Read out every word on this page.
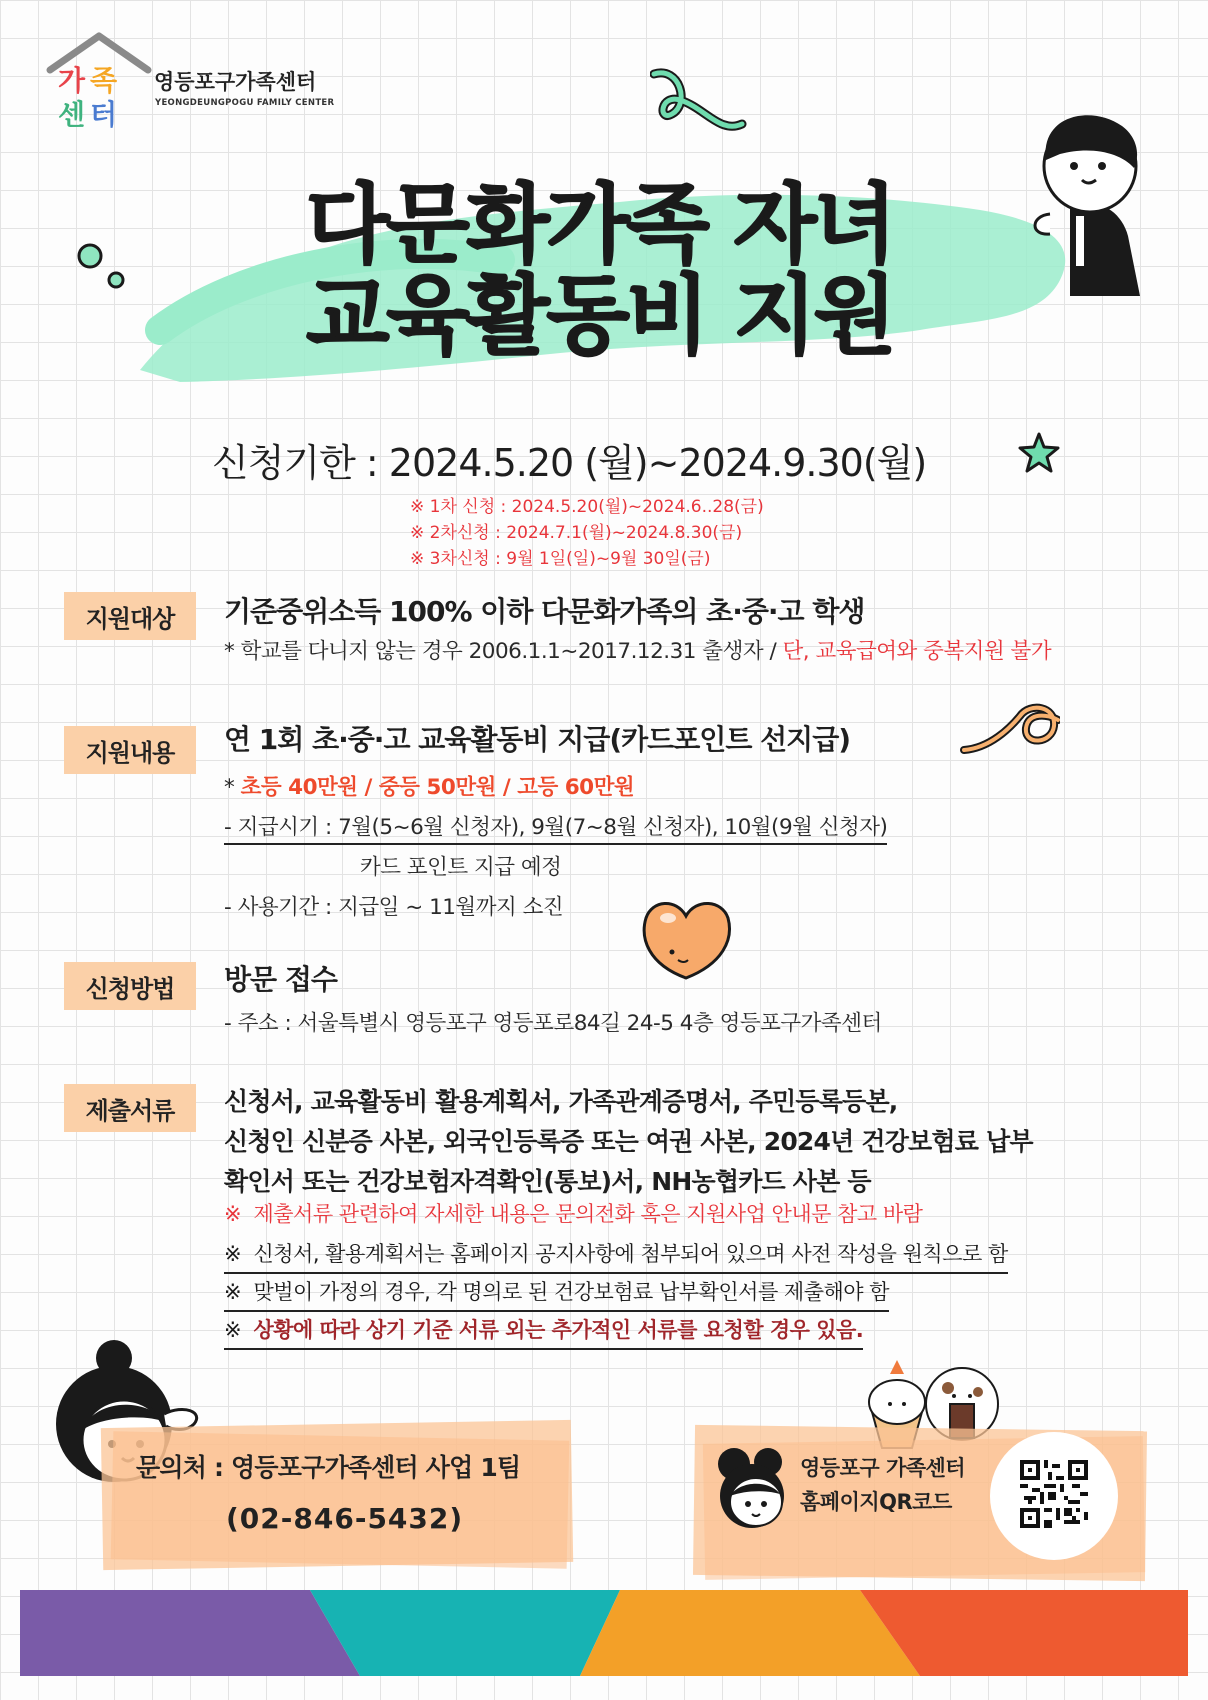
가 족
센 터
영등포구가족센터
YEONGDEUNGPOGU FAMILY CENTER
다문화가족 자녀
교육활동비 지원
신청기한 : 2024.5.20 (월)~2024.9.30(월)
※ 1차 신청 : 2024.5.20(월)~2024.6..28(금)
※ 2차신청 : 2024.7.1(월)~2024.8.30(금)
※ 3차신청 : 9월 1일(일)~9월 30일(금)
지원대상	기준중위소득 100% 이하 다문화가족의 초·중·고 학생
* 학교를 다니지 않는 경우 2006.1.1~2017.12.31 출생자 / 단, 교육급여와 중복지원 불가
지원내용	연 1회 초·중·고 교육활동비 지급(카드포인트 선지급)
* 초등 40만원 / 중등 50만원 / 고등 60만원
- 지급시기 : 7월(5~6월 신청자), 9월(7~8월 신청자), 10월(9월 신청자)
카드 포인트 지급 예정
- 사용기간 : 지급일 ~ 11월까지 소진
신청방법	방문 접수
- 주소 : 서울특별시 영등포구 영등포로84길 24-5 4층 영등포구가족센터
제출서류	신청서, 교육활동비 활용계획서, 가족관계증명서, 주민등록등본,
신청인 신분증 사본, 외국인등록증 또는 여권 사본, 2024년 건강보험료 납부
확인서 또는 건강보험자격확인(통보)서, NH농협카드 사본 등
※ 제출서류 관련하여 자세한 내용은 문의전화 혹은 지원사업 안내문 참고 바람
※ 신청서, 활용계획서는 홈페이지 공지사항에 첨부되어 있으며 사전 작성을 원칙으로 함
※ 맞벌이 가정의 경우, 각 명의로 된 건강보험료 납부확인서를 제출해야 함
※ 상황에 따라 상기 기준 서류 외는 추가적인 서류를 요청할 경우 있음.
문의처 : 영등포구가족센터 사업 1팀
(02-846-5432)
영등포구 가족센터
홈페이지QR코드
